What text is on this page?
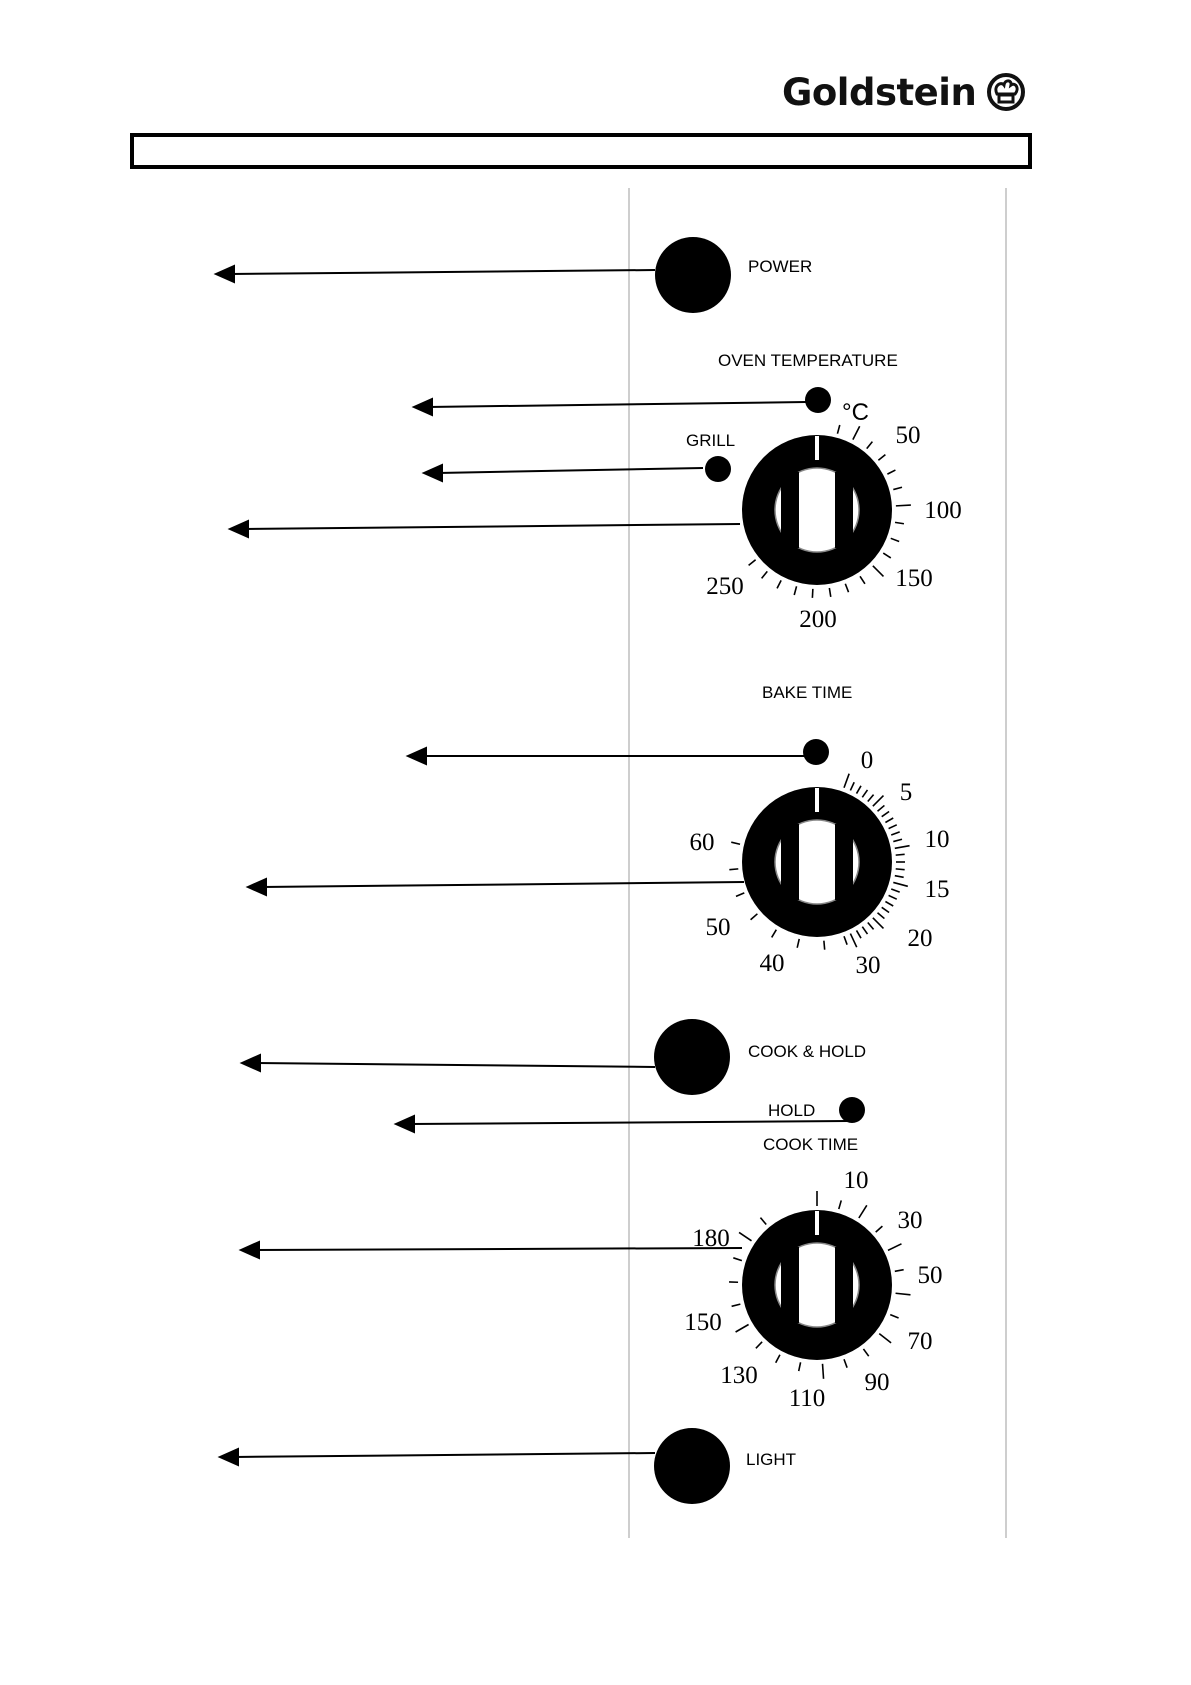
Goldstein
POWER
OVEN TEMPERATURE
°C
GRILL
BAKE TIME
COOK & HOLD
HOLD
COOK TIME
LIGHT
50
100
150
200
250
0
5
10
15
20
30
40
50
60
10
30
50
70
90
110
130
150
180
